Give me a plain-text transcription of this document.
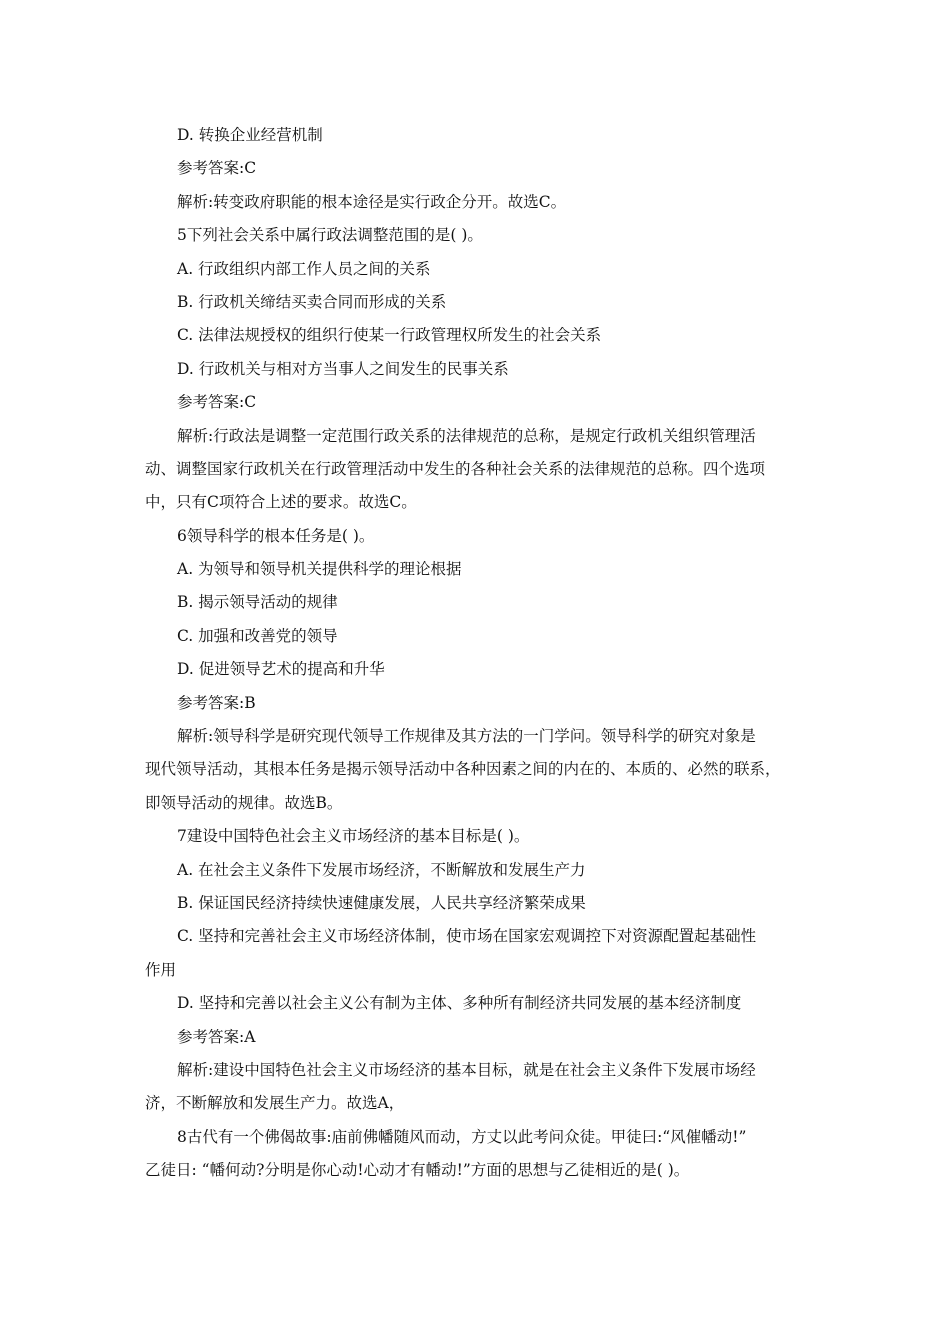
D. 转换企业经营机制
参考答案:C
解析:转变政府职能的根本途径是实行政企分开。故选C。
5下列社会关系中属行政法调整范围的是( )。
A. 行政组织内部工作人员之间的关系
B. 行政机关缔结买卖合同而形成的关系
C. 法律法规授权的组织行使某一行政管理权所发生的社会关系
D. 行政机关与相对方当事人之间发生的民事关系
参考答案:C
解析:行政法是调整一定范围行政关系的法律规范的总称，是规定行政机关组织管理活
动、调整国家行政机关在行政管理活动中发生的各种社会关系的法律规范的总称。四个选项
中，只有C项符合上述的要求。故选C。
6领导科学的根本任务是( )。
A. 为领导和领导机关提供科学的理论根据
B. 揭示领导活动的规律
C. 加强和改善党的领导
D. 促进领导艺术的提高和升华
参考答案:B
解析:领导科学是研究现代领导工作规律及其方法的一门学问。领导科学的研究对象是
现代领导活动，其根本任务是揭示领导活动中各种因素之间的内在的、本质的、必然的联系，
即领导活动的规律。故选B。
7建设中国特色社会主义市场经济的基本目标是( )。
A. 在社会主义条件下发展市场经济，不断解放和发展生产力
B. 保证国民经济持续快速健康发展，人民共享经济繁荣成果
C. 坚持和完善社会主义市场经济体制，使市场在国家宏观调控下对资源配置起基础性
作用
D. 坚持和完善以社会主义公有制为主体、多种所有制经济共同发展的基本经济制度
参考答案:A
解析:建设中国特色社会主义市场经济的基本目标，就是在社会主义条件下发展市场经
济，不断解放和发展生产力。故选A，
8古代有一个佛偈故事:庙前佛幡随风而动，方丈以此考问众徒。甲徒曰:“风催幡动!”
乙徒日: “幡何动?分明是你心动!心动才有幡动!”方面的思想与乙徒相近的是( )。
